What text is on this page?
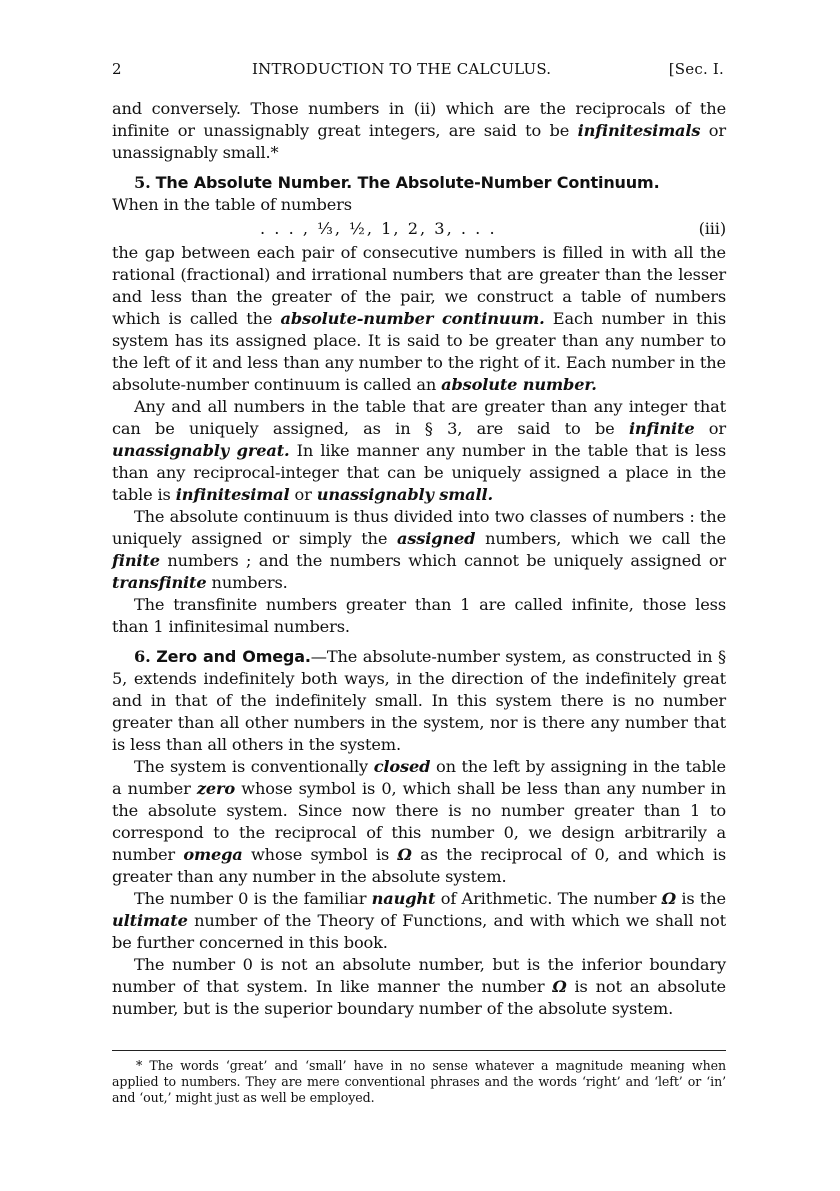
2	INTRODUCTION TO THE CALCULUS.	[Sec. I.

and conversely. Those numbers in (ii) which are the reciprocals of the infinite or unassignably great integers, are said to be infinitesimals or unassignably small.*

5. The Absolute Number. The Absolute-Number Continuum.

When in the table of numbers

. . . , ⅓, ½, 1, 2, 3, . . .	(iii)

the gap between each pair of consecutive numbers is filled in with all the rational (fractional) and irrational numbers that are greater than the lesser and less than the greater of the pair, we construct a table of numbers which is called the absolute-number continuum. Each number in this system has its assigned place. It is said to be greater than any number to the left of it and less than any number to the right of it. Each number in the absolute-number continuum is called an absolute number.

Any and all numbers in the table that are greater than any integer that can be uniquely assigned, as in § 3, are said to be infinite or unassignably great. In like manner any number in the table that is less than any reciprocal-integer that can be uniquely assigned a place in the table is infinitesimal or unassignably small.

The absolute continuum is thus divided into two classes of numbers : the uniquely assigned or simply the assigned numbers, which we call the finite numbers ; and the numbers which cannot be uniquely assigned or transfinite numbers.

The transfinite numbers greater than 1 are called infinite, those less than 1 infinitesimal numbers.

6. Zero and Omega.—The absolute-number system, as constructed in § 5, extends indefinitely both ways, in the direction of the indefinitely great and in that of the indefinitely small. In this system there is no number greater than all other numbers in the system, nor is there any number that is less than all others in the system.

The system is conventionally closed on the left by assigning in the table a number zero whose symbol is 0, which shall be less than any number in the absolute system. Since now there is no number greater than 1 to correspond to the reciprocal of this number 0, we design arbitrarily a number omega whose symbol is Ω as the reciprocal of 0, and which is greater than any number in the absolute system.

The number 0 is the familiar naught of Arithmetic. The number Ω is the ultimate number of the Theory of Functions, and with which we shall not be further concerned in this book.

The number 0 is not an absolute number, but is the inferior boundary number of that system. In like manner the number Ω is not an absolute number, but is the superior boundary number of the absolute system.

* The words ‘great’ and ‘small’ have in no sense whatever a magnitude meaning when applied to numbers. They are mere conventional phrases and the words ‘right’ and ‘left’ or ‘in’ and ‘out,’ might just as well be employed.
